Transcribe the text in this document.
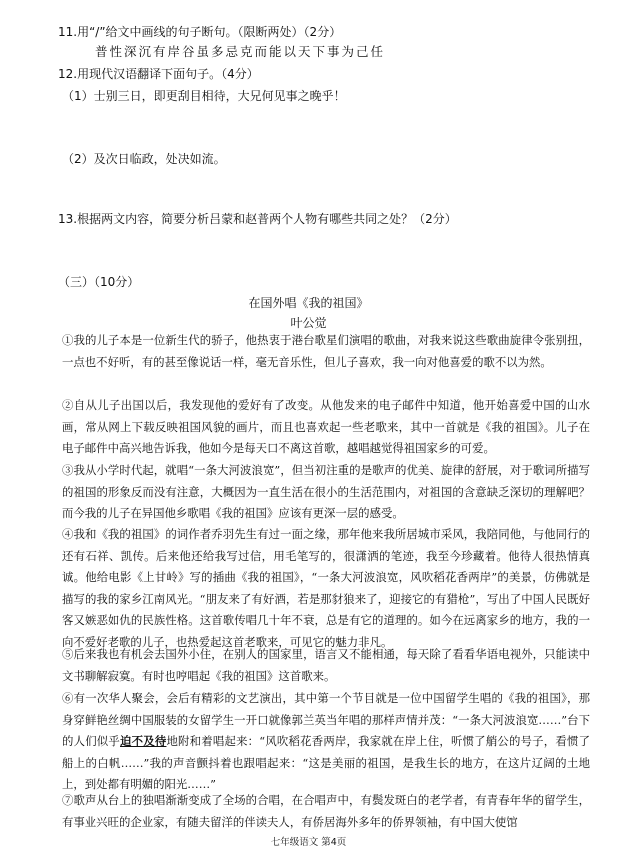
11.用“/”给文中画线的句子断句。（限断两处）（2分）
普性深沉有岸谷虽多忌克而能以天下事为己任
12.用现代汉语翻译下面句子。（4分）
（1）士别三日，即更刮目相待，大兄何见事之晚乎！
（2）及次日临政，处决如流。
13.根据两文内容，简要分析吕蒙和赵普两个人物有哪些共同之处？（2分）
（三）（10分）
在国外唱《我的祖国》
叶公觉
①我的儿子本是一位新生代的骄子，他热衷于港台歌星们演唱的歌曲，对我来说这些歌曲旋律令张别扭，一点也不好听，有的甚至像说话一样，毫无音乐性，但儿子喜欢，我一向对他喜爱的歌不以为然。
②自从儿子出国以后，我发现他的爱好有了改变。从他发来的电子邮件中知道，他开始喜爱中国的山水画，常从网上下载反映祖国风貌的画片，而且也喜欢起一些老歌来，其中一首就是《我的祖国》。儿子在电子邮件中高兴地告诉我，他如今是每天口不离这首歌，越唱越觉得祖国家乡的可爱。
③我从小学时代起，就唱“一条大河波浪宽”，但当初注重的是歌声的优美、旋律的舒展，对于歌词所描写的祖国的形象反而没有注意，大概因为一直生活在很小的生活范围内，对祖国的含意缺乏深切的理解吧？而今我的儿子在异国他乡歌唱《我的祖国》应该有更深一层的感受。
④我和《我的祖国》的词作者乔羽先生有过一面之缘，那年他来我所居城市采风，我陪同他，与他同行的还有石祥、凯传。后来他还给我写过信，用毛笔写的，很潇洒的笔迹，我至今珍藏着。他待人很热情真诚。他给电影《上甘岭》写的插曲《我的祖国》，“一条大河波浪宽，风吹稻花香两岸”的美景，仿佛就是描写的我的家乡江南风光。“朋友来了有好酒，若是那豺狼来了，迎接它的有猎枪”，写出了中国人民既好客又嫉恶如仇的民族性格。这首歌传唱几十年不衰，总是有它的道理的。如今在远离家乡的地方，我的一向不爱好老歌的儿子，也热爱起这首老歌来，可见它的魅力非凡。
⑤后来我也有机会去国外小住，在别人的国家里，语言又不能相通，每天除了看看华语电视外，只能读中文书聊解寂寞。有时也哼唱起《我的祖国》这首歌来。
⑥有一次华人聚会，会后有精彩的文艺演出，其中第一个节目就是一位中国留学生唱的《我的祖国》，那身穿鲜艳丝绸中国服装的女留学生一开口就像郭兰英当年唱的那样声情并茂：“一条大河波浪宽……”台下的人们似乎迫不及待地附和着唱起来：“风吹稻花香两岸，我家就在岸上住，听惯了艄公的号子，看惯了船上的白帆……”我的声音颤抖着也跟唱起来：“这是美丽的祖国，是我生长的地方，在这片辽阔的土地上，到处都有明媚的阳光……”
⑦歌声从台上的独唱渐渐变成了全场的合唱，在合唱声中，有鬓发斑白的老学者，有青春年华的留学生，有事业兴旺的企业家，有随夫留洋的伴读夫人，有侨居海外多年的侨界领袖，有中国大使馆
七年级语文 第4页
